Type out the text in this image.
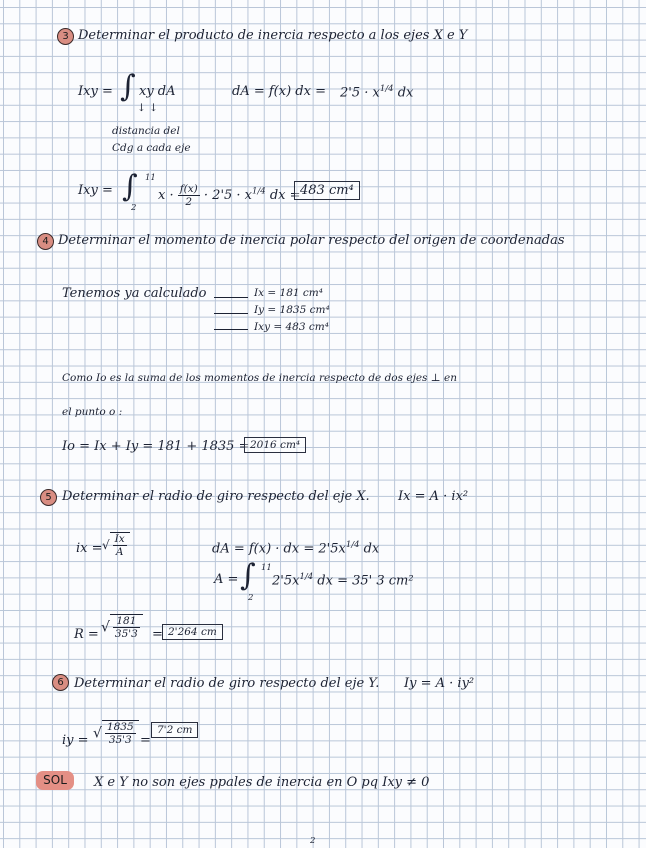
3 Determinar el producto de inercia respecto a los ejes X e Y
Ixy = ∫ xy dA
↓ ↓
distancia del
Cdg a cada eje
dA = f(x) dx = $2'5 \cdot x^{1/4}$ dx
Ixy = ∫ 11
2
$x \cdot \frac{f(x)}{2} \cdot 2'5 \cdot x^{1/4}$ dx = 483 cm⁴
4 Determinar el momento de inercia polar respecto del origen de coordenadas
Tenemos ya calculado	Ix = 181 cm⁴
Iy = 1835 cm⁴
Ixy = 483 cm⁴
Como Io es la suma de los momentos de inercia respecto de dos ejes ⊥ en
el punto o :
Io = Ix + Iy = 181 + 1835 = 2016 cm⁴
5 Determinar el radio de giro respecto del eje X. Ix = A · ix²
ix = √ $\frac{Ix}{A}$	dA = f(x) · dx = $2'5x^{1/4}$ dx
A = ∫ 11
2
$2'5x^{1/4}$ dx = 35' 3 cm²
R = √ $\frac{181}{35'3} = 2'264$ cm
6 Determinar el radio de giro respecto del eje Y. Iy = A · iy²
iy = √ $\frac{1835}{35'3}$ =
7'2 cm
SOL	X e Y no son ejes ppales de inercia en O pq Ixy ≠ 0
2
